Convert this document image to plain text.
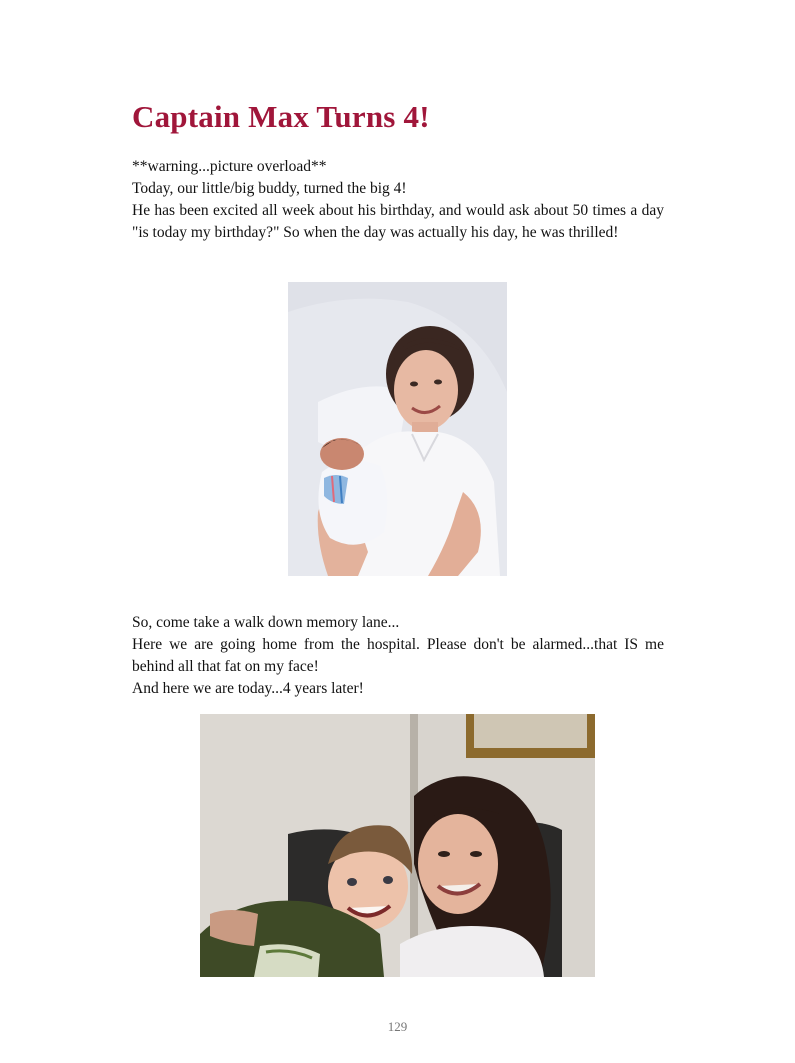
Captain Max Turns 4!

**warning...picture overload**

Today, our little/big buddy, turned the big 4!

He has been excited all week about his birthday, and would ask about 50 times a day "is today my birthday?" So when the day was actually his day, he was thrilled!

So, come take a walk down memory lane...

Here we are going home from the hospital. Please don't be alarmed...that IS me behind all that fat on my face!

And here we are today...4 years later!

129
